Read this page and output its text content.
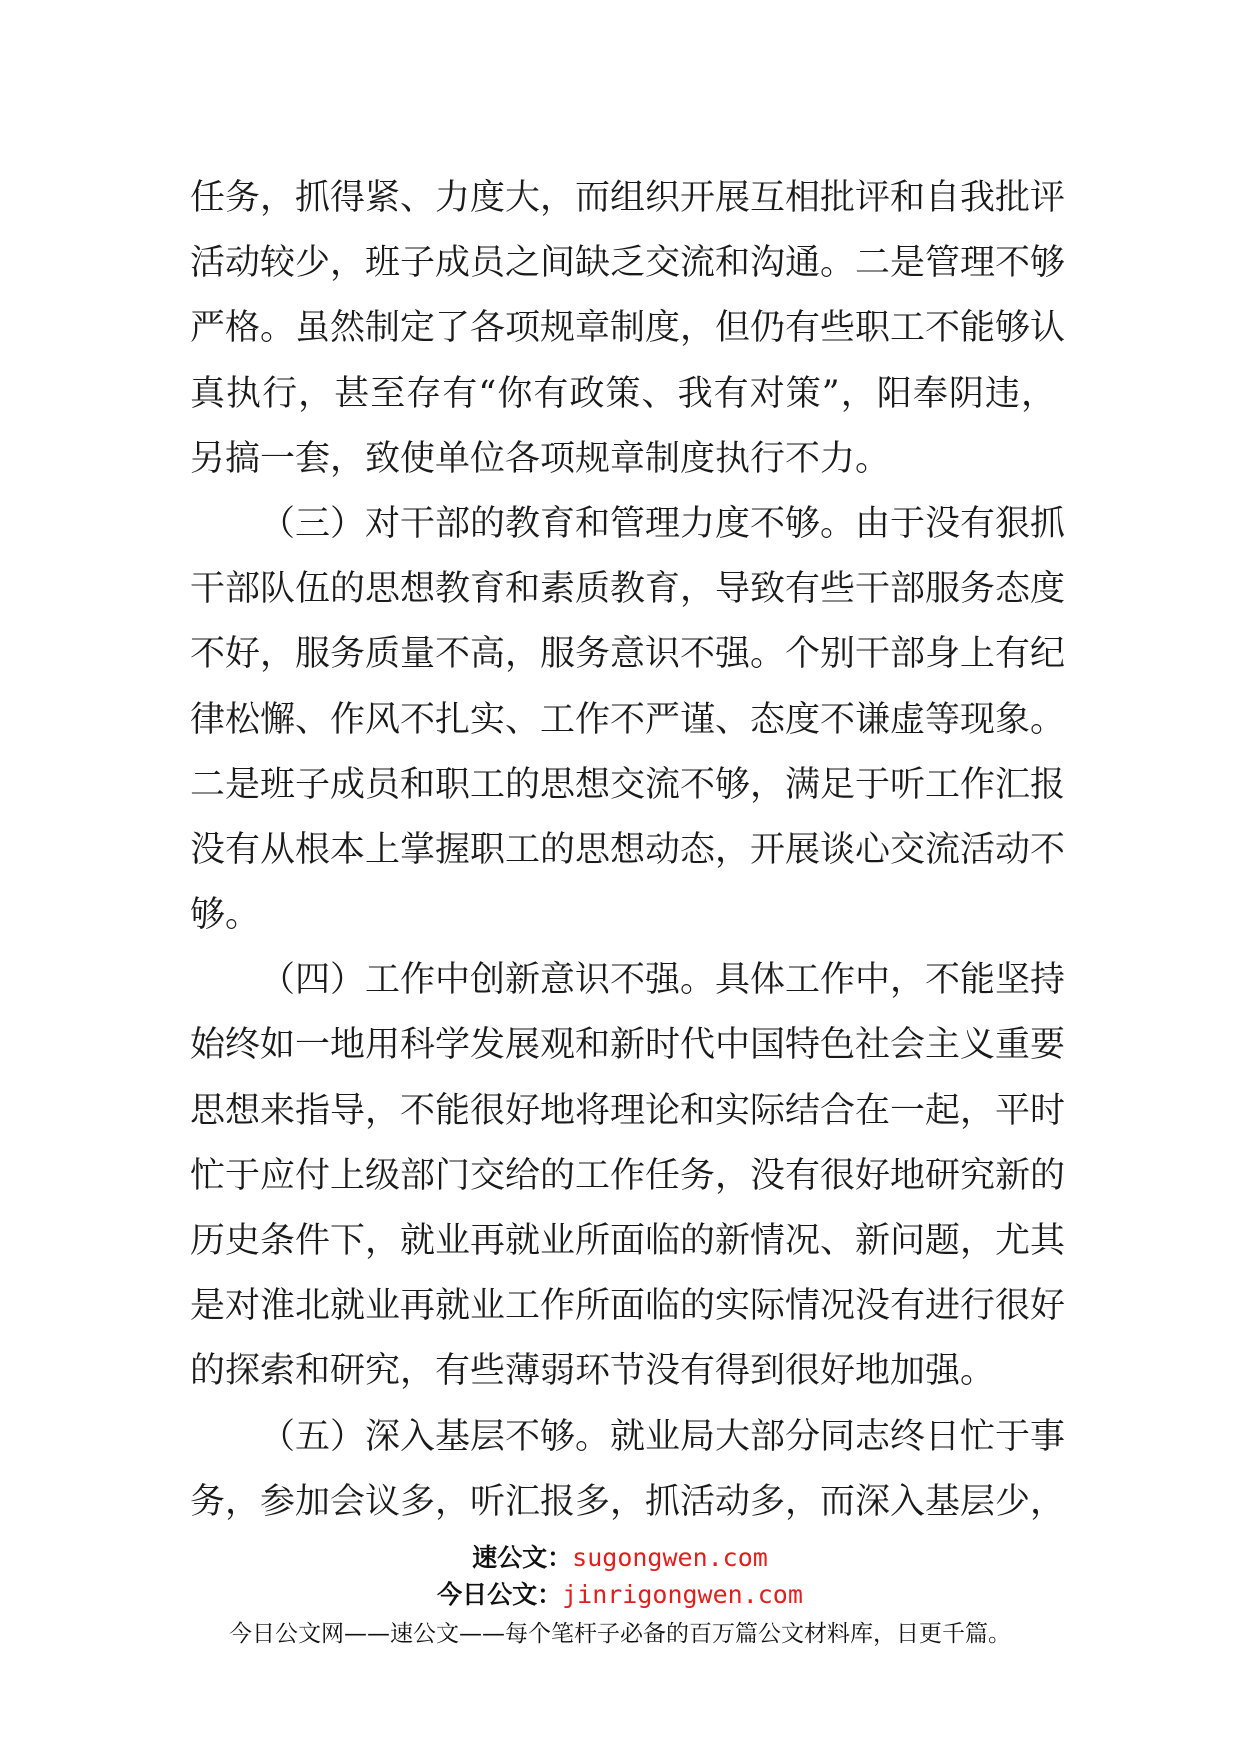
任务，抓得紧、力度大，而组织开展互相批评和自我批评
活动较少，班子成员之间缺乏交流和沟通。二是管理不够
严格。虽然制定了各项规章制度，但仍有些职工不能够认
真执行，甚至存有“你有政策、我有对策”，阳奉阴违，
另搞一套，致使单位各项规章制度执行不力。
（三）对干部的教育和管理力度不够。由于没有狠抓
干部队伍的思想教育和素质教育，导致有些干部服务态度
不好，服务质量不高，服务意识不强。个别干部身上有纪
律松懈、作风不扎实、工作不严谨、态度不谦虚等现象。
二是班子成员和职工的思想交流不够，满足于听工作汇报
没有从根本上掌握职工的思想动态，开展谈心交流活动不
够。
（四）工作中创新意识不强。具体工作中，不能坚持
始终如一地用科学发展观和新时代中国特色社会主义重要
思想来指导，不能很好地将理论和实际结合在一起，平时
忙于应付上级部门交给的工作任务，没有很好地研究新的
历史条件下，就业再就业所面临的新情况、新问题，尤其
是对淮北就业再就业工作所面临的实际情况没有进行很好
的探索和研究，有些薄弱环节没有得到很好地加强。
（五）深入基层不够。就业局大部分同志终日忙于事
务，参加会议多，听汇报多，抓活动多，而深入基层少，
速公文：sugongwen.com
今日公文：jinrigongwen.com
今日公文网——速公文——每个笔杆子必备的百万篇公文材料库，日更千篇。
